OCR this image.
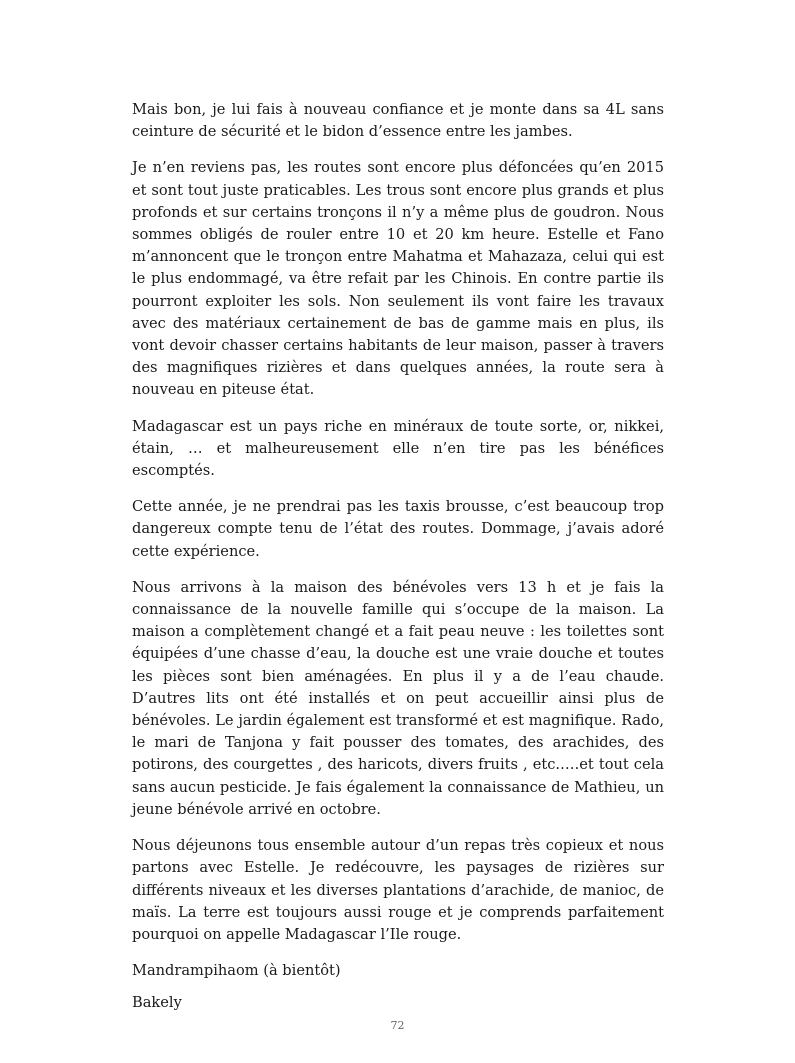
Mais bon, je lui fais à nouveau confiance et je monte dans sa 4L sans ceinture de sécurité et le bidon d’essence entre les jambes.

Je n’en reviens pas, les routes sont encore plus défoncées qu’en 2015 et sont tout juste praticables. Les trous sont encore plus grands et plus profonds et sur certains tronçons il n’y a même plus de goudron. Nous sommes obligés de rouler entre 10 et 20 km heure. Estelle et Fano m’annoncent que le tronçon entre Mahatma et Mahazaza, celui qui est le plus endommagé, va être refait par les Chinois. En contre partie ils pourront exploiter les sols. Non seulement ils vont faire les travaux avec des matériaux certainement de bas de gamme mais en plus, ils vont devoir chasser certains habitants de leur maison, passer à travers des magnifiques rizières et dans quelques années, la route sera à nouveau en piteuse état.

Madagascar est un pays riche en minéraux de toute sorte, or, nikkei, étain, … et malheureusement elle n’en tire pas les bénéfices escomptés.

Cette année, je ne prendrai pas les taxis brousse, c’est beaucoup trop dangereux compte tenu de l’état des routes. Dommage, j’avais adoré cette expérience.

Nous arrivons à la maison des bénévoles vers 13 h et je fais la connaissance de la nouvelle famille qui s’occupe de la maison. La maison a complètement changé et a fait peau neuve : les toilettes sont équipées d’une chasse d’eau, la douche est une vraie douche et toutes les pièces sont bien aménagées. En plus il y a de l’eau chaude. D’autres lits ont été installés et on peut accueillir ainsi plus de bénévoles. Le jardin également est transformé et est magnifique. Rado, le mari de Tanjona y fait pousser des tomates, des arachides, des potirons, des courgettes , des haricots, divers fruits , etc.….et tout cela sans aucun pesticide. Je fais également la connaissance de Mathieu, un jeune bénévole arrivé en octobre.

Nous déjeunons tous ensemble autour d’un repas très copieux et nous partons avec Estelle. Je redécouvre, les paysages de rizières sur différents niveaux et les diverses plantations d’arachide, de manioc, de maïs. La terre est toujours aussi rouge et je comprends parfaitement pourquoi on appelle Madagascar l’Ile rouge.

Mandrampihaom (à bientôt)

Bakely

72
